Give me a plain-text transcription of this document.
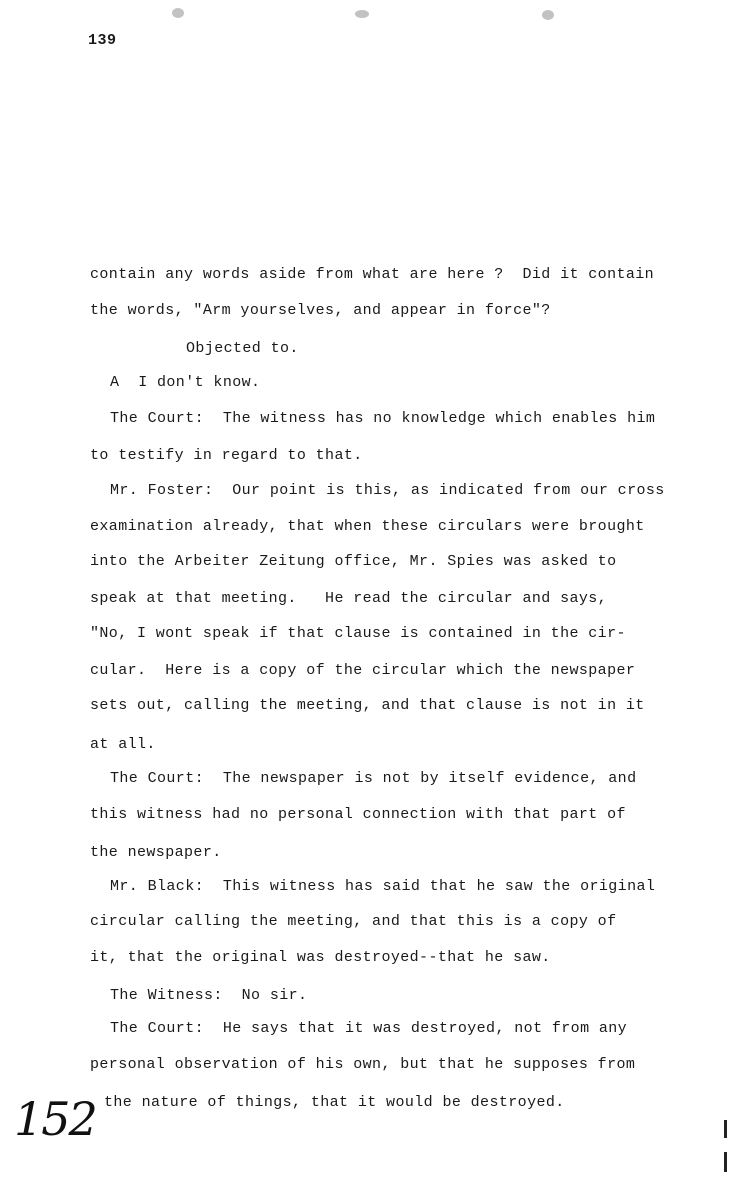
139
contain any words aside from what are here ?  Did it contain
the words, "Arm yourselves, and appear in force"?
Objected to.
A  I don't know.
The Court:  The witness has no knowledge which enables him
to testify in regard to that.
Mr. Foster:  Our point is this, as indicated from our cross
examination already, that when these circulars were brought
into the Arbeiter Zeitung office, Mr. Spies was asked to
speak at that meeting.   He read the circular and says,
"No, I wont speak if that clause is contained in the cir-
cular.  Here is a copy of the circular which the newspaper
sets out, calling the meeting, and that clause is not in it
at all.
The Court:  The newspaper is not by itself evidence, and
this witness had no personal connection with that part of
the newspaper.
Mr. Black:  This witness has said that he saw the original
circular calling the meeting, and that this is a copy of
it, that the original was destroyed--that he saw.
The Witness:  No sir.
The Court:  He says that it was destroyed, not from any
personal observation of his own, but that he supposes from
the nature of things, that it would be destroyed.
152
